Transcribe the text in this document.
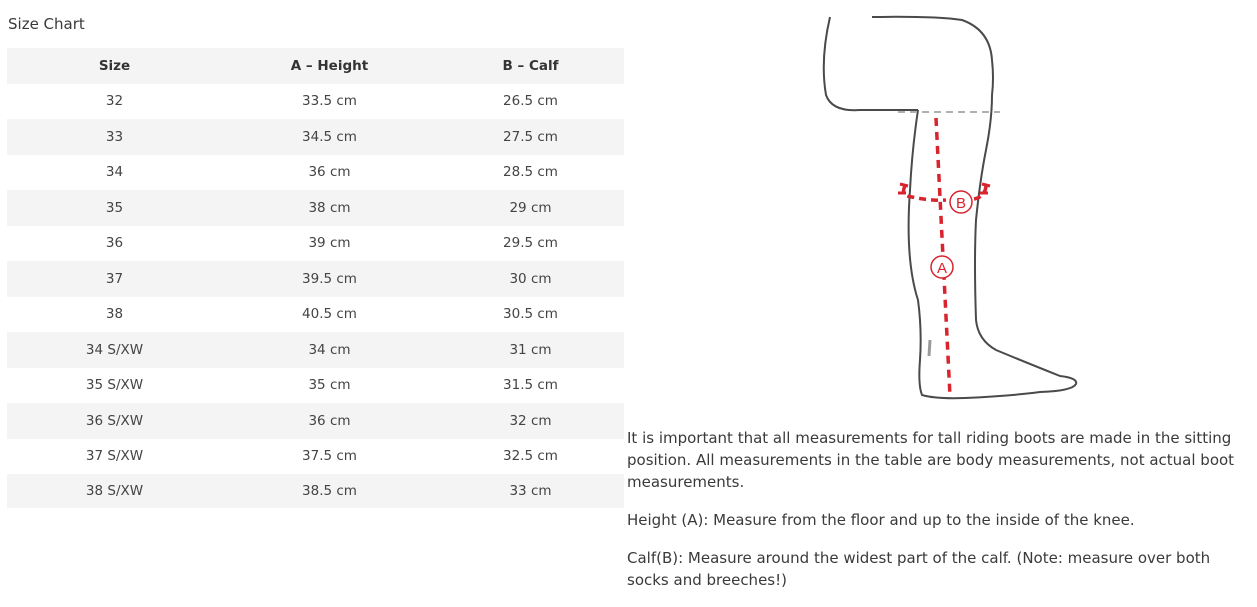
Size Chart
Size	A – Height	B – Calf
32	33.5 cm	26.5 cm
33	34.5 cm	27.5 cm
34	36 cm	28.5 cm
35	38 cm	29 cm
36	39 cm	29.5 cm
37	39.5 cm	30 cm
38	40.5 cm	30.5 cm
34 S/XW	34 cm	31 cm
35 S/XW	35 cm	31.5 cm
36 S/XW	36 cm	32 cm
37 S/XW	37.5 cm	32.5 cm
38 S/XW	38.5 cm	33 cm
A
B

It is important that all measurements for tall riding boots are made in the sitting position. All measurements in the table are body measurements, not actual boot measurements.

Height (A): Measure from the floor and up to the inside of the knee.

Calf(B): Measure around the widest part of the calf. (Note: measure over both socks and breeches!)
